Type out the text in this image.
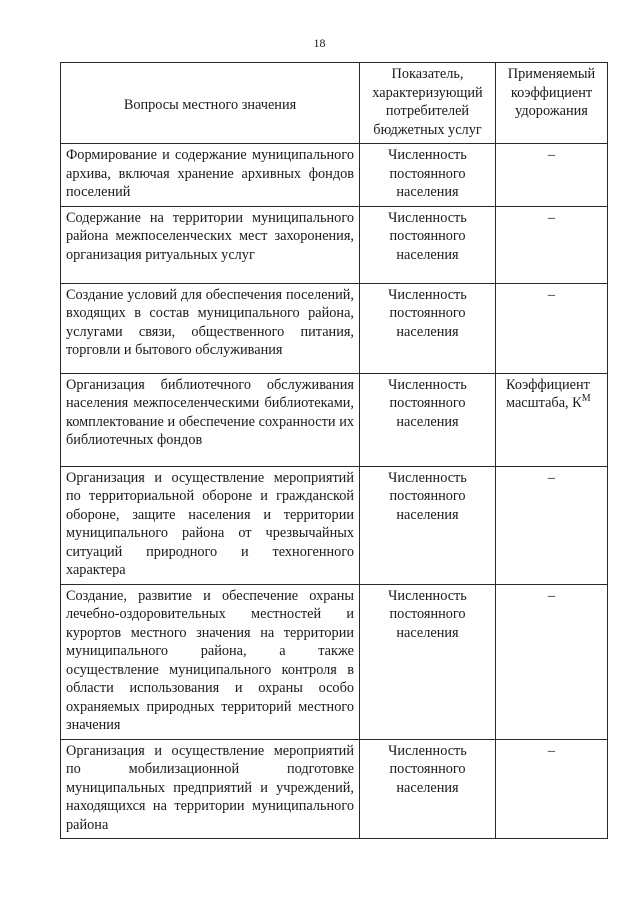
18
Вопросы местного значения	Показатель, характеризующий потребителей бюджетных услуг	Применяемый коэффициент удорожания
Формирование и содержание муниципального архива, включая хранение архивных фондов поселений	Численность постоянного населения	–
Содержание на территории муниципального района межпоселенческих мест захоронения, организация ритуальных услуг	Численность постоянного населения	–
Создание условий для обеспечения поселений, входящих в состав муниципального района, услугами связи, общественного питания, торговли и бытового обслуживания	Численность постоянного населения	–
Организация библиотечного обслуживания населения межпоселенческими библиотеками, комплектование и обеспечение сохранности их библиотечных фондов	Численность постоянного населения	Коэффициент масштаба, $К^М$
Организация и осуществление мероприятий по территориальной обороне и гражданской обороне, защите населения и территории муниципального района от чрезвычайных ситуаций природного и техногенного характера	Численность постоянного населения	–
Создание, развитие и обеспечение охраны лечебно-оздоровительных местностей и курортов местного значения на территории муниципального района, а также осуществление муниципального контроля в области использования и охраны особо охраняемых природных территорий местного значения	Численность постоянного населения	–
Организация и осуществление мероприятий по мобилизационной подготовке муниципальных предприятий и учреждений, находящихся на территории муниципального района	Численность постоянного населения	–
